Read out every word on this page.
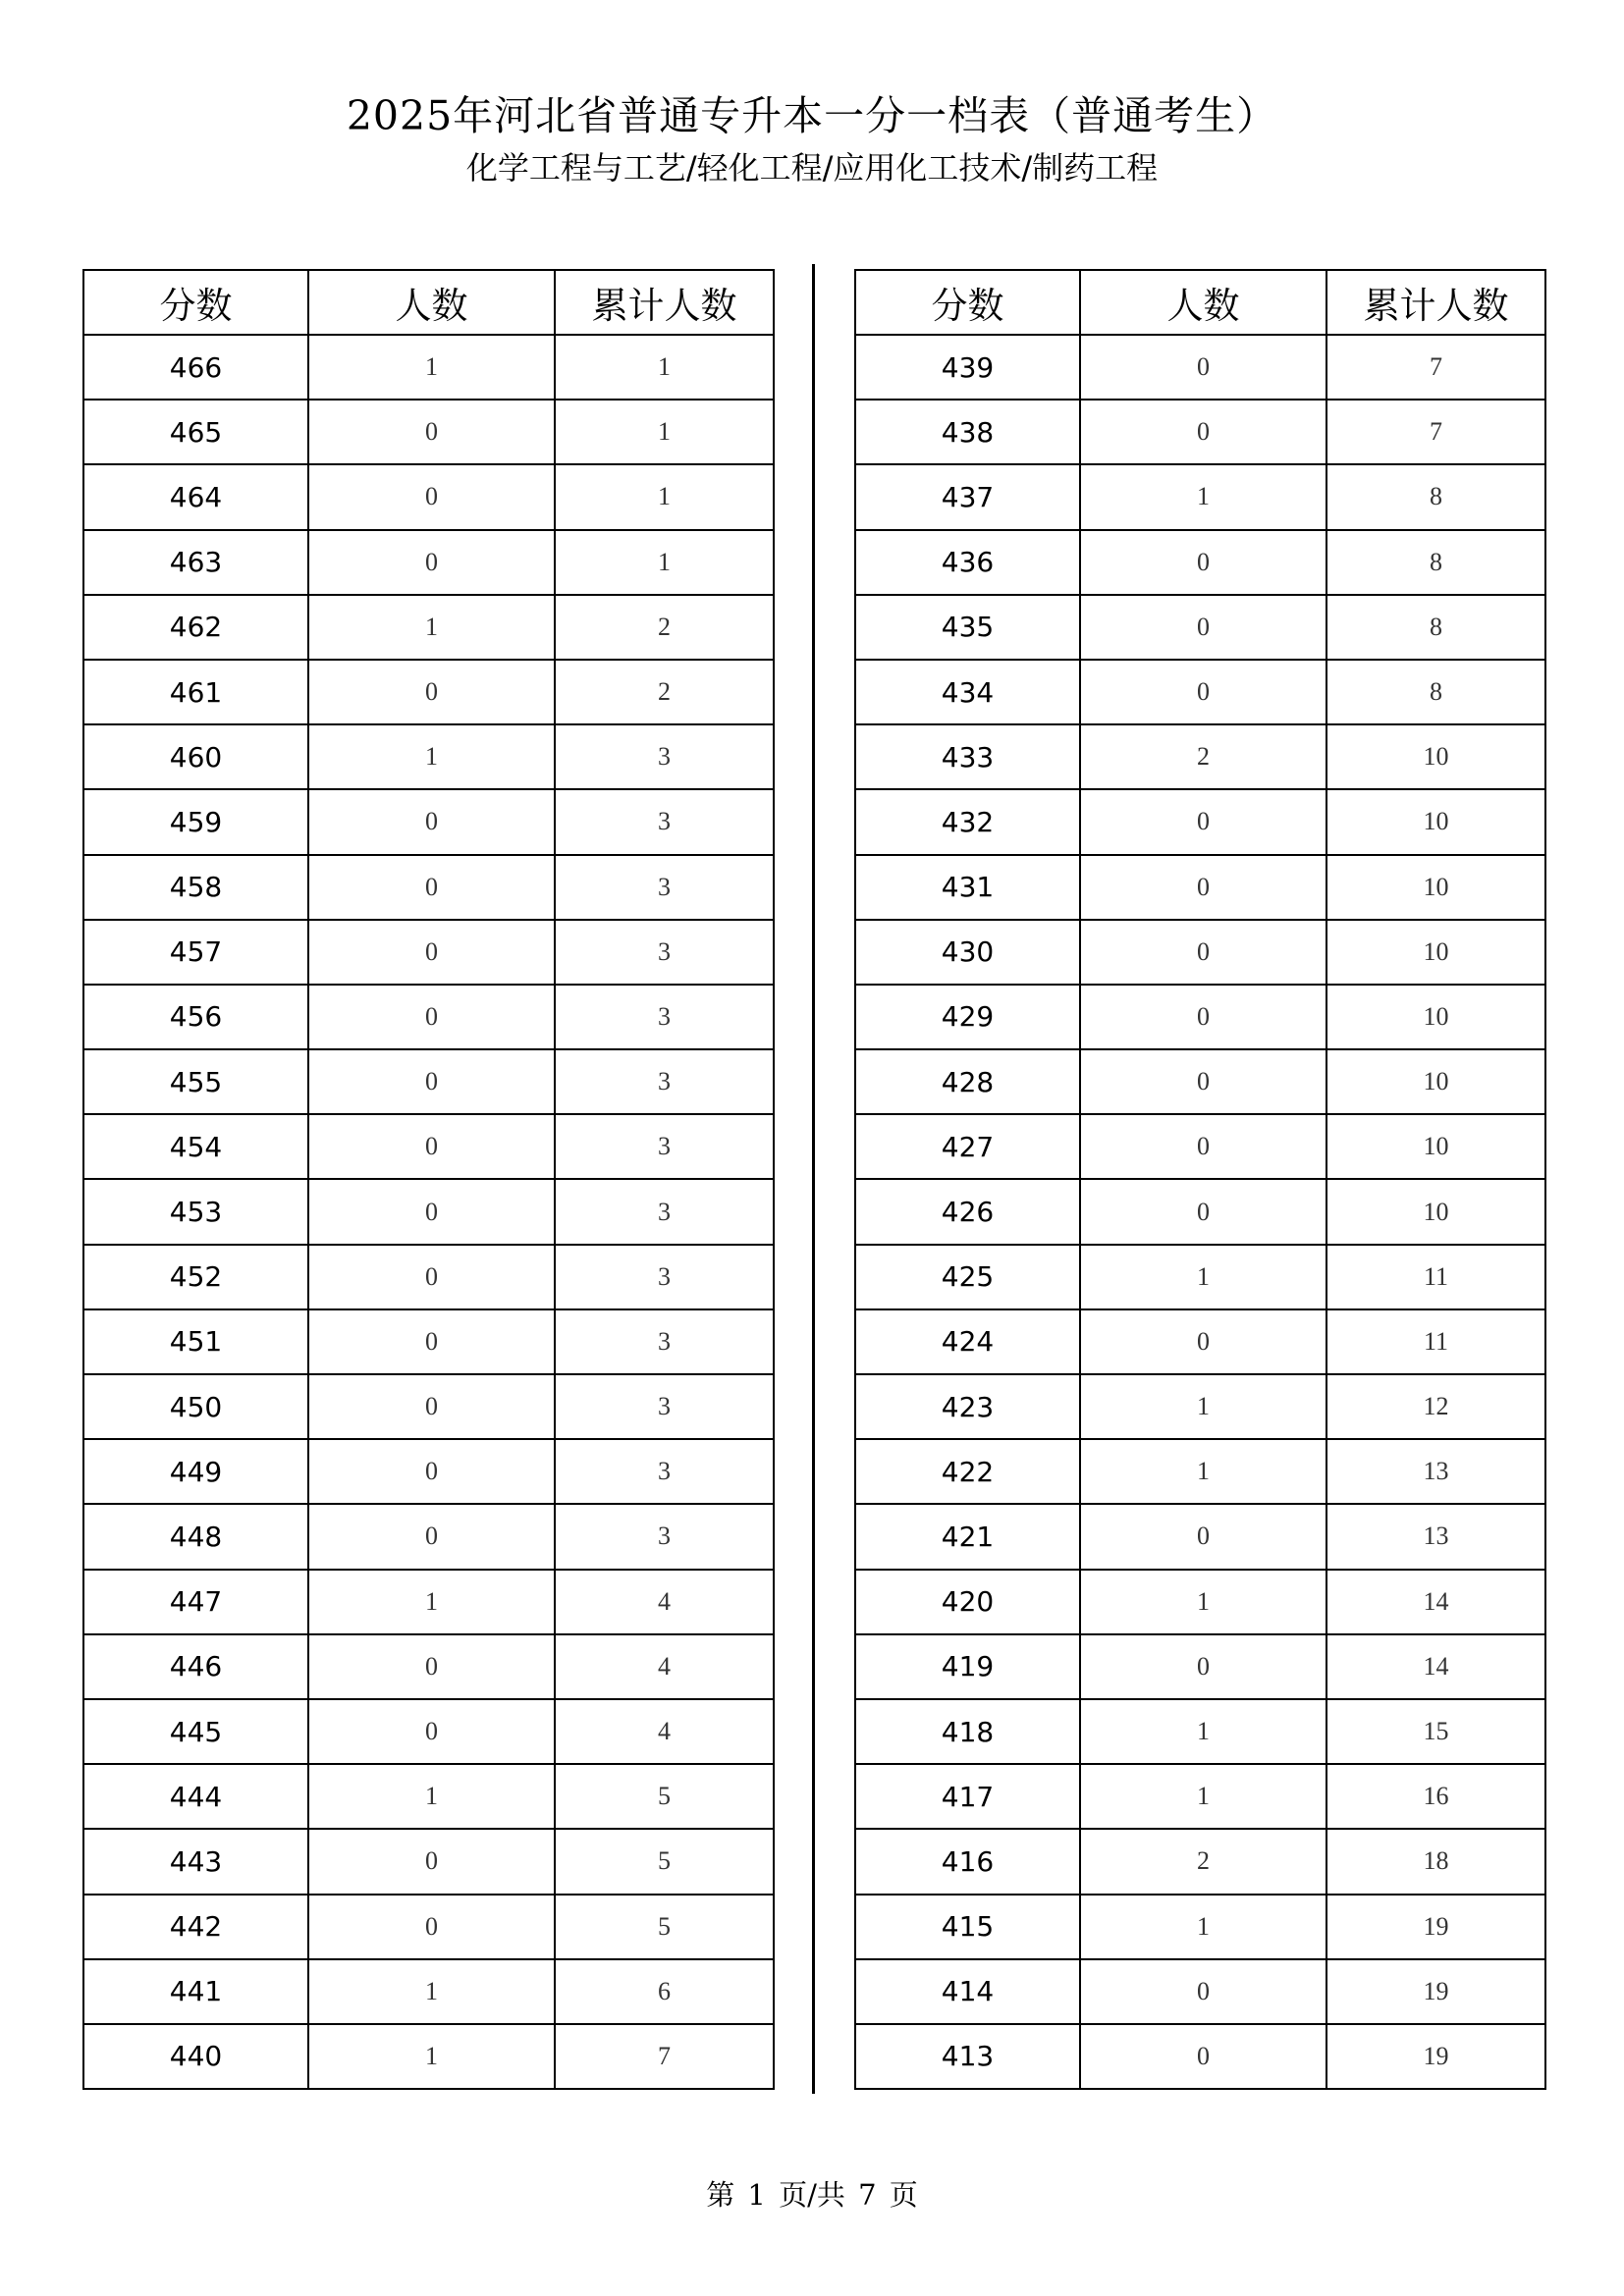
2025年河北省普通专升本一分一档表（普通考生）
化学工程与工艺/轻化工程/应用化工技术/制药工程
分数	人数	累计人数
466	1	1
465	0	1
464	0	1
463	0	1
462	1	2
461	0	2
460	1	3
459	0	3
458	0	3
457	0	3
456	0	3
455	0	3
454	0	3
453	0	3
452	0	3
451	0	3
450	0	3
449	0	3
448	0	3
447	1	4
446	0	4
445	0	4
444	1	5
443	0	5
442	0	5
441	1	6
440	1	7
分数	人数	累计人数
439	0	7
438	0	7
437	1	8
436	0	8
435	0	8
434	0	8
433	2	10
432	0	10
431	0	10
430	0	10
429	0	10
428	0	10
427	0	10
426	0	10
425	1	11
424	0	11
423	1	12
422	1	13
421	0	13
420	1	14
419	0	14
418	1	15
417	1	16
416	2	18
415	1	19
414	0	19
413	0	19
第 1 页/共 7 页
